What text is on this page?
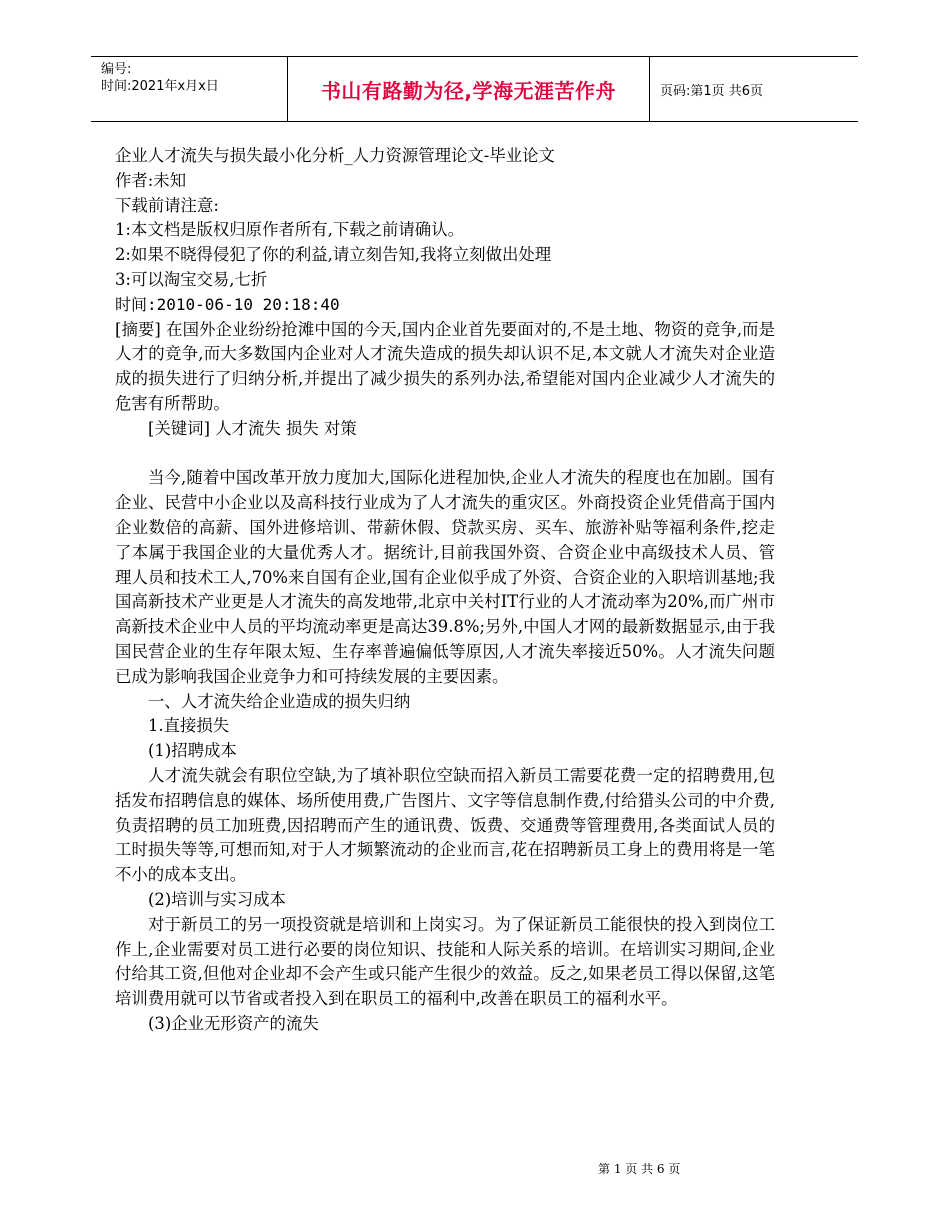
编号:
时间:2021年x月x日	书山有路勤为径,学海无涯苦作舟	页码:第1页 共6页

企业人才流失与损失最小化分析_人力资源管理论文-毕业论文

作者:未知

下载前请注意:

1:本文档是版权归原作者所有,下载之前请确认。

2:如果不晓得侵犯了你的利益,请立刻告知,我将立刻做出处理

3:可以淘宝交易,七折

时间:2010-06-10 20:18:40

[摘要] 在国外企业纷纷抢滩中国的今天,国内企业首先要面对的,不是土地、物资的竞争,而是人才的竞争,而大多数国内企业对人才流失造成的损失却认识不足,本文就人才流失对企业造成的损失进行了归纳分析,并提出了减少损失的系列办法,希望能对国内企业减少人才流失的危害有所帮助。

[关键词] 人才流失 损失 对策

当今,随着中国改革开放力度加大,国际化进程加快,企业人才流失的程度也在加剧。国有企业、民营中小企业以及高科技行业成为了人才流失的重灾区。外商投资企业凭借高于国内企业数倍的高薪、国外进修培训、带薪休假、贷款买房、买车、旅游补贴等福利条件,挖走了本属于我国企业的大量优秀人才。据统计,目前我国外资、合资企业中高级技术人员、管理人员和技术工人,70%来自国有企业,国有企业似乎成了外资、合资企业的入职培训基地;我国高新技术产业更是人才流失的高发地带,北京中关村IT行业的人才流动率为20%,而广州市高新技术企业中人员的平均流动率更是高达39.8%;另外,中国人才网的最新数据显示,由于我国民营企业的生存年限太短、生存率普遍偏低等原因,人才流失率接近50%。人才流失问题已成为影响我国企业竞争力和可持续发展的主要因素。

一、人才流失给企业造成的损失归纳

1.直接损失

(1)招聘成本

人才流失就会有职位空缺,为了填补职位空缺而招入新员工需要花费一定的招聘费用,包括发布招聘信息的媒体、场所使用费,广告图片、文字等信息制作费,付给猎头公司的中介费,负责招聘的员工加班费,因招聘而产生的通讯费、饭费、交通费等管理费用,各类面试人员的工时损失等等,可想而知,对于人才频繁流动的企业而言,花在招聘新员工身上的费用将是一笔不小的成本支出。

(2)培训与实习成本

对于新员工的另一项投资就是培训和上岗实习。为了保证新员工能很快的投入到岗位工作上,企业需要对员工进行必要的岗位知识、技能和人际关系的培训。在培训实习期间,企业付给其工资,但他对企业却不会产生或只能产生很少的效益。反之,如果老员工得以保留,这笔培训费用就可以节省或者投入到在职员工的福利中,改善在职员工的福利水平。

(3)企业无形资产的流失

第 1 页 共 6 页
